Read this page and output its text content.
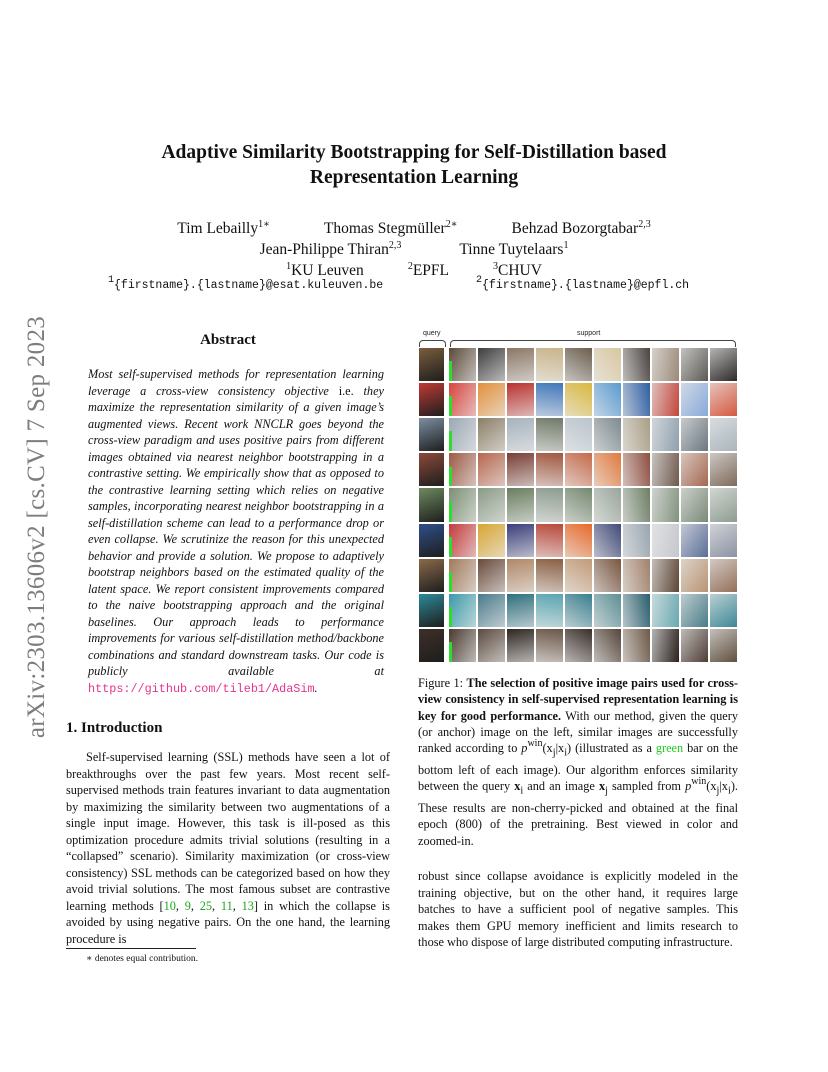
arXiv:2303.13606v2 [cs.CV] 7 Sep 2023
Adaptive Similarity Bootstrapping for Self-Distillation based
Representation Learning
Tim Lebailly$^{1∗}$	Thomas Stegmüller$^{2∗}$	Behzad Bozorgtabar$^{2,3}$
Jean-Philippe Thiran$^{2,3}$	Tinne Tuytelaars$^1$
$^1$KU Leuven	$^2$EPFL	$^3$CHUV
$^1${firstname}.{lastname}@esat.kuleuven.be	$^2${firstname}.{lastname}@epfl.ch
Abstract
Most self-supervised methods for representation learning leverage a cross-view consistency objective i.e. they maximize the representation similarity of a given image’s augmented views. Recent work NNCLR goes beyond the cross-view paradigm and uses positive pairs from different images obtained via nearest neighbor bootstrapping in a contrastive setting. We empirically show that as opposed to the contrastive learning setting which relies on negative samples, incorporating nearest neighbor bootstrapping in a self-distillation scheme can lead to a performance drop or even collapse. We scrutinize the reason for this unexpected behavior and provide a solution. We propose to adaptively bootstrap neighbors based on the estimated quality of the latent space. We report consistent improvements compared to the naive bootstrapping approach and the original baselines. Our approach leads to performance improvements for various self-distillation method/backbone combinations and standard downstream tasks. Our code is publicly available at https://github.com/tileb1/AdaSim.
1. Introduction
Self-supervised learning (SSL) methods have seen a lot of breakthroughs over the past few years. Most recent self-supervised methods train features invariant to data augmentation by maximizing the similarity between two augmentations of a single input image. However, this task is ill-posed as this optimization procedure admits trivial solutions (resulting in a “collapsed” scenario). Similarity maximization (or cross-view consistency) SSL methods can be categorized based on how they avoid trivial solutions. The most famous subset are contrastive learning methods [10, 9, 25, 11, 13] in which the collapse is avoided by using negative pairs. On the one hand, the learning procedure is
∗ denotes equal contribution.
query	support
Figure 1: The selection of positive image pairs used for cross-view consistency in self-supervised representation learning is key for good performance. With our method, given the query (or anchor) image on the left, similar images are successfully ranked according to $p^{win}(x_j|x_i)$ (illustrated as a green bar on the bottom left of each image). Our algorithm enforces similarity between the query $x_i$ and an image $x_j$ sampled from $p^{win}(x_j|x_i)$. These results are non-cherry-picked and obtained at the final epoch (800) of the pretraining. Best viewed in color and zoomed-in.
robust since collapse avoidance is explicitly modeled in the training objective, but on the other hand, it requires large batches to have a sufficient pool of negative samples. This makes them GPU memory inefficient and limits research to those who dispose of large distributed computing infrastructure.
